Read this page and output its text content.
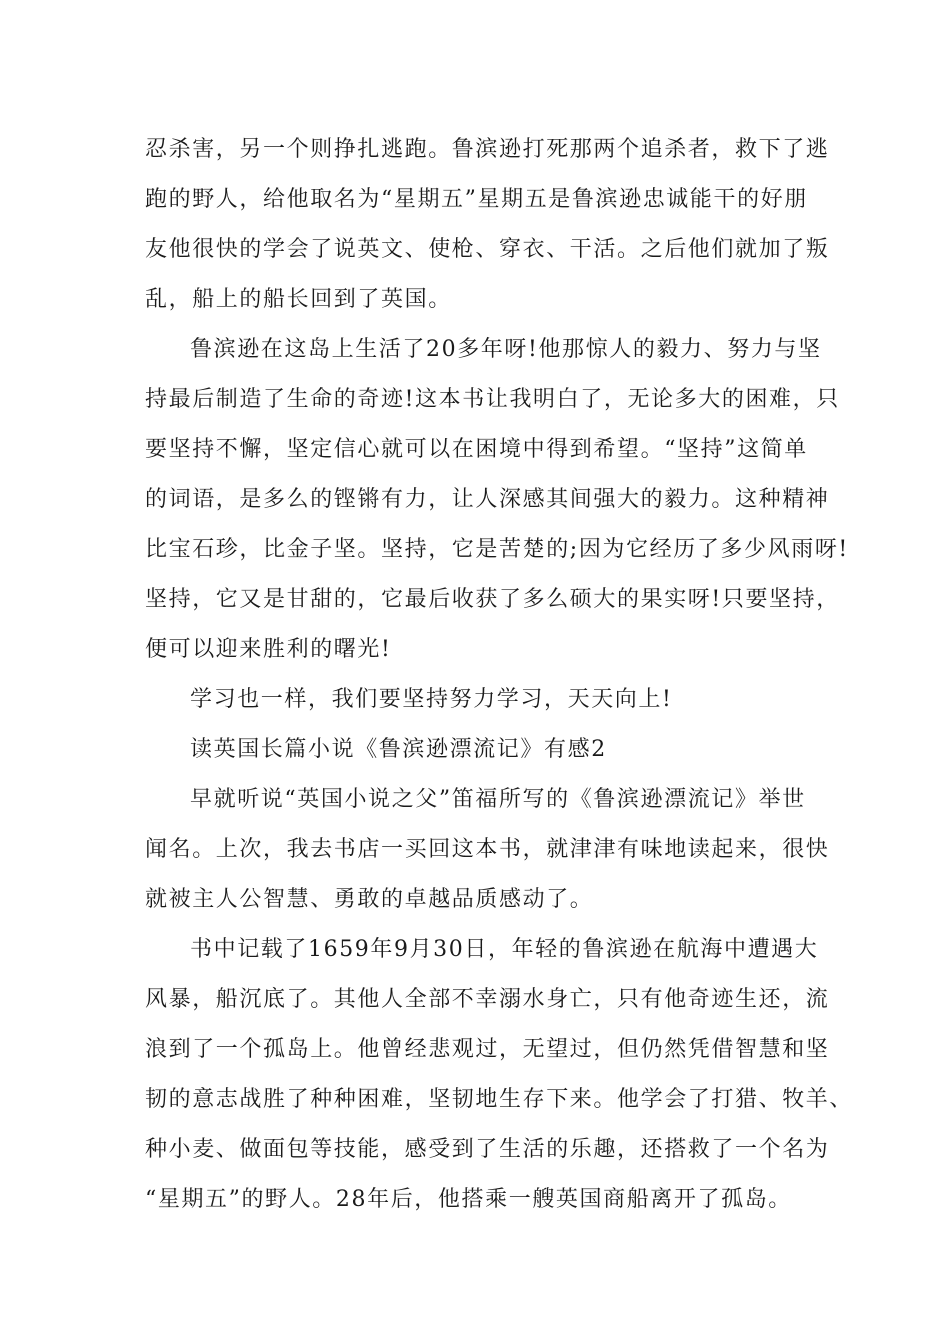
忍杀害，另一个则挣扎逃跑。鲁滨逊打死那两个追杀者，救下了逃
跑的野人，给他取名为“星期五”星期五是鲁滨逊忠诚能干的好朋
友他很快的学会了说英文、使枪、穿衣、干活。之后他们就加了叛
乱，船上的船长回到了英国。
鲁滨逊在这岛上生活了20多年呀!他那惊人的毅力、努力与坚
持最后制造了生命的奇迹!这本书让我明白了，无论多大的困难，只
要坚持不懈，坚定信心就可以在困境中得到希望。“坚持”这简单
的词语，是多么的铿锵有力，让人深感其间强大的毅力。这种精神
比宝石珍，比金子坚。坚持，它是苦楚的;因为它经历了多少风雨呀!
坚持，它又是甘甜的，它最后收获了多么硕大的果实呀!只要坚持，
便可以迎来胜利的曙光!
学习也一样，我们要坚持努力学习，天天向上!
读英国长篇小说《鲁滨逊漂流记》有感2
早就听说“英国小说之父”笛福所写的《鲁滨逊漂流记》举世
闻名。上次，我去书店一买回这本书，就津津有味地读起来，很快
就被主人公智慧、勇敢的卓越品质感动了。
书中记载了1659年9月30日，年轻的鲁滨逊在航海中遭遇大
风暴，船沉底了。其他人全部不幸溺水身亡，只有他奇迹生还，流
浪到了一个孤岛上。他曾经悲观过，无望过，但仍然凭借智慧和坚
韧的意志战胜了种种困难，坚韧地生存下来。他学会了打猎、牧羊、
种小麦、做面包等技能，感受到了生活的乐趣，还搭救了一个名为
“星期五”的野人。28年后，他搭乘一艘英国商船离开了孤岛。
